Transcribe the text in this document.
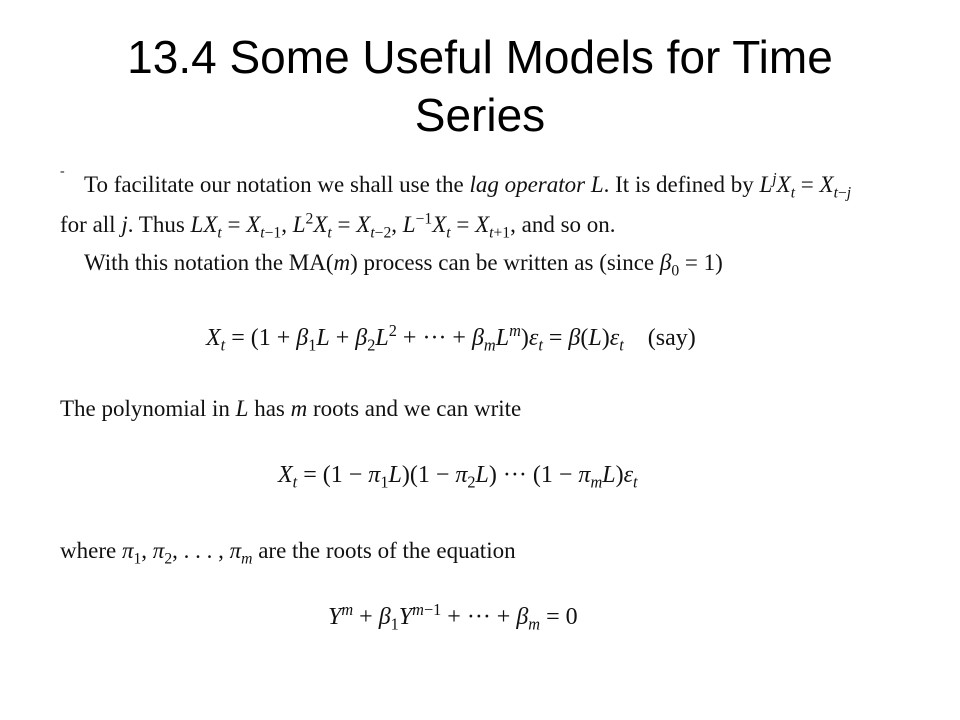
13.4 Some Useful Models for Time
Series
-
To facilitate our notation we shall use the lag operator L. It is defined by $L^jX_t = X_{t-j}$
for all j. Thus $LX_t = X_{t-1}$, $L^2X_t = X_{t-2}$, $L^{-1}X_t = X_{t+1}$, and so on.
With this notation the MA(m) process can be written as (since $\beta_0 = 1$)
$X_t = (1 + \beta_1L + \beta_2L^2$ + ··· + $\beta_mL^m)\varepsilon_t = \beta(L)\varepsilon_t$ (say)
The polynomial in L has m roots and we can write
$X_t = (1 - \pi_1L)(1 - \pi_2L)$ ··· $(1 - \pi_mL)\varepsilon_t$
where $\pi_1$, $\pi_2$, . . . , $\pi_m$ are the roots of the equation
$Y^m + \beta_1Y^{m-1}$ + ··· + $\beta_m = 0$
